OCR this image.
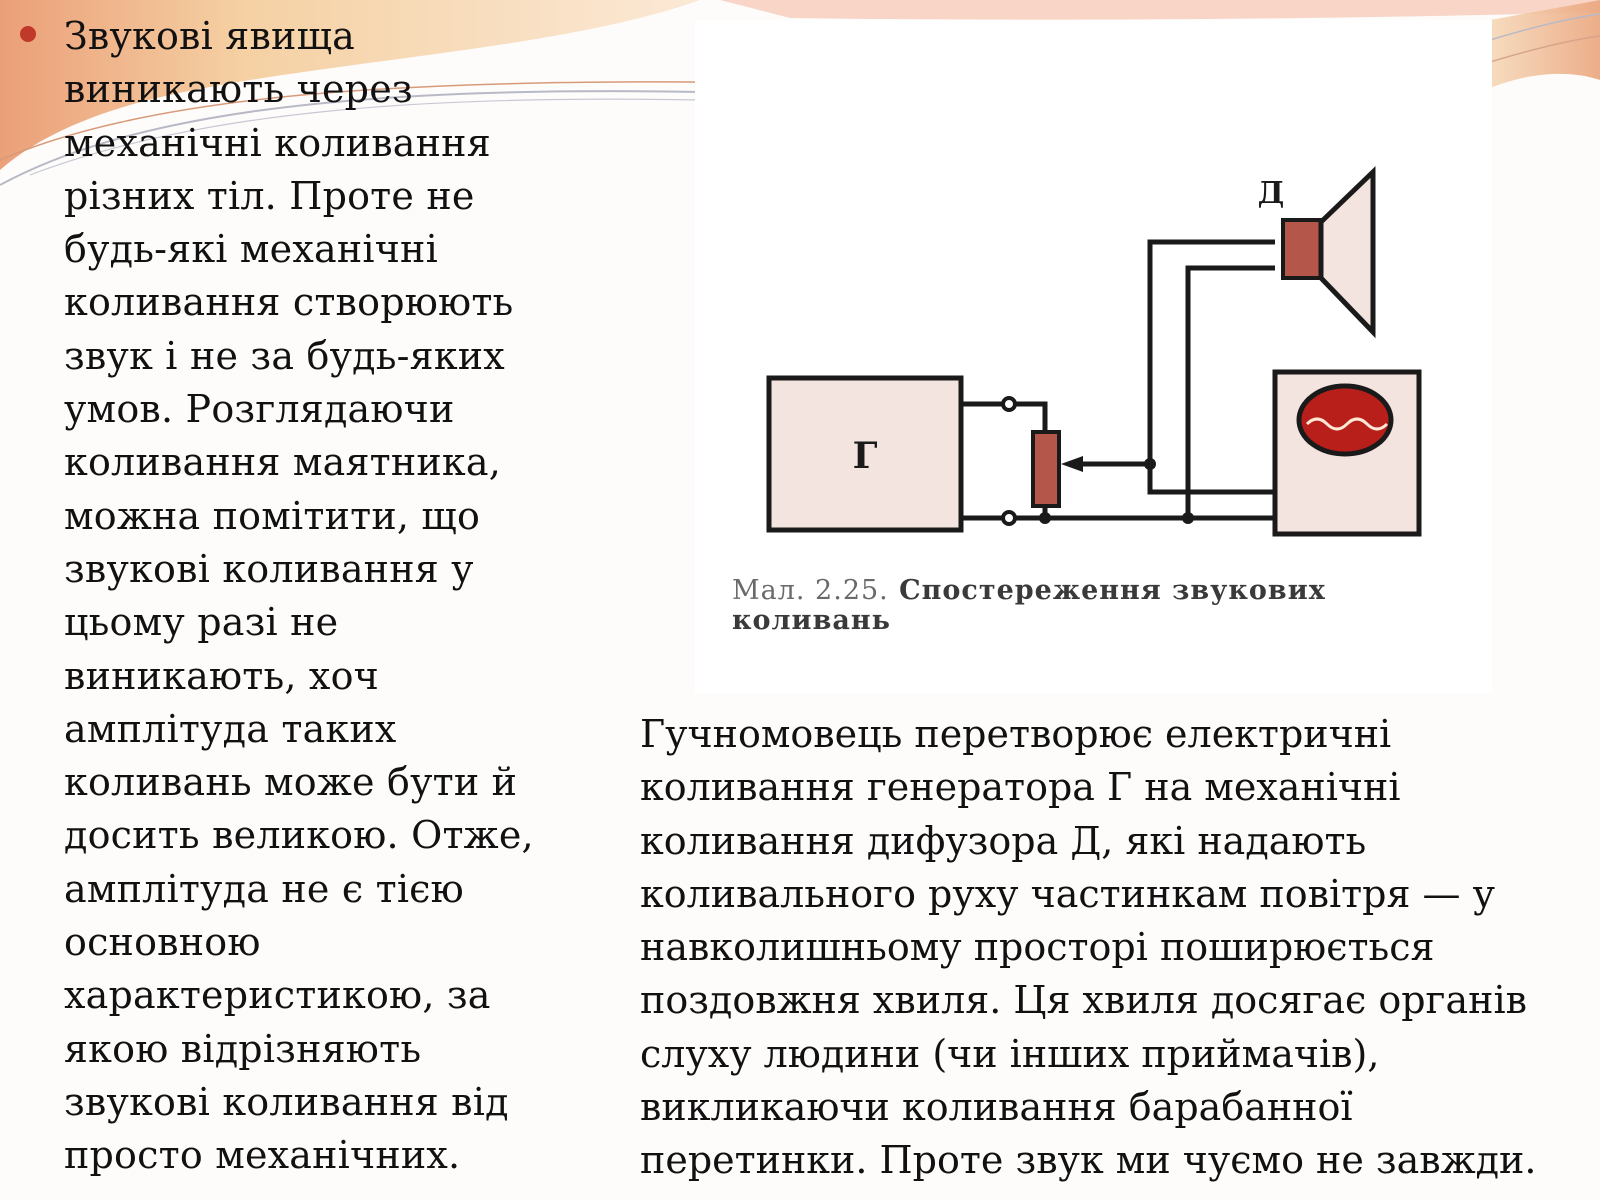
Звукові явища виникають через механічні коливання різних тіл. Проте не будь-які механічні коливання створюють звук і не за будь-яких умов. Розглядаючи коливання маятника, можна помітити, що звукові коливання у цьому разі не виникають, хоч амплітуда таких коливань може бути й досить великою. Отже, амплітуда не є тією основною характеристикою, за якою відрізняють звукові коливання від просто механічних.
Г
Д
Мал. 2.25. Спостереження звукових коливань
Гучномовець перетворює електричні коливання генератора Г на механічні коливання дифузора Д, які надають коливального руху частинкам повітря — у навколишньому просторі поширюється поздовжня хвиля. Ця хвиля досягає органів слуху людини (чи інших приймачів), викликаючи коливання барабанної перетинки. Проте звук ми чуємо не завжди.
